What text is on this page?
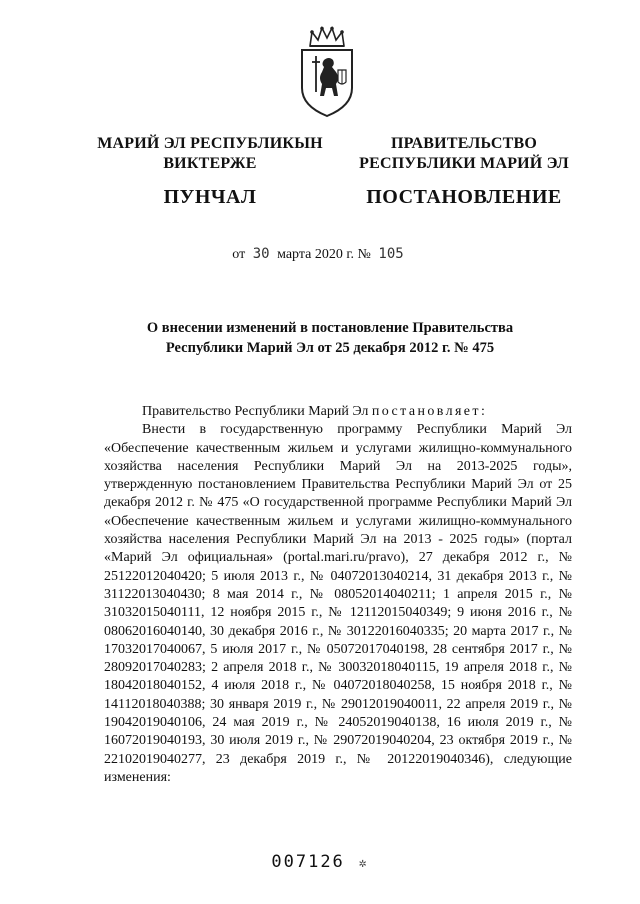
МАРИЙ ЭЛ РЕСПУБЛИКЫН
ВИКТЕРЖЕ
ПУНЧАЛ
ПРАВИТЕЛЬСТВО
РЕСПУБЛИКИ МАРИЙ ЭЛ
ПОСТАНОВЛЕНИЕ
от 30 марта 2020 г. № 105
О внесении изменений в постановление Правительства
Республики Марий Эл от 25 декабря 2012 г. № 475

Правительство Республики Марий Эл постановляет:

Внести в государственную программу Республики Марий Эл «Обеспечение качественным жильем и услугами жилищно-коммунального хозяйства населения Республики Марий Эл на 2013-2025 годы», утвержденную постановлением Правительства Республики Марий Эл от 25 декабря 2012 г. № 475 «О государственной программе Республики Марий Эл «Обеспечение качественным жильем и услугами жилищно-коммунального хозяйства населения Республики Марий Эл на 2013 - 2025 годы» (портал «Марий Эл официальная» (portal.mari.ru/pravo), 27 декабря 2012 г., № 25122012040420; 5 июля 2013 г., № 04072013040214, 31 декабря 2013 г., № 31122013040430; 8 мая 2014 г., № 08052014040211; 1 апреля 2015 г., № 31032015040111, 12 ноября 2015 г., № 12112015040349; 9 июня 2016 г., № 08062016040140, 30 декабря 2016 г., № 30122016040335; 20 марта 2017 г., № 17032017040067, 5 июля 2017 г., № 05072017040198, 28 сентября 2017 г., № 28092017040283; 2 апреля 2018 г., № 30032018040115, 19 апреля 2018 г., № 18042018040152, 4 июля 2018 г., № 04072018040258, 15 ноября 2018 г., № 14112018040388; 30 января 2019 г., № 29012019040011, 22 апреля 2019 г., № 19042019040106, 24 мая 2019 г., № 24052019040138, 16 июля 2019 г., № 16072019040193, 30 июля 2019 г., № 29072019040204, 23 октября 2019 г., № 22102019040277, 23 декабря 2019 г., № 20122019040346), следующие изменения:

007126 ✲
